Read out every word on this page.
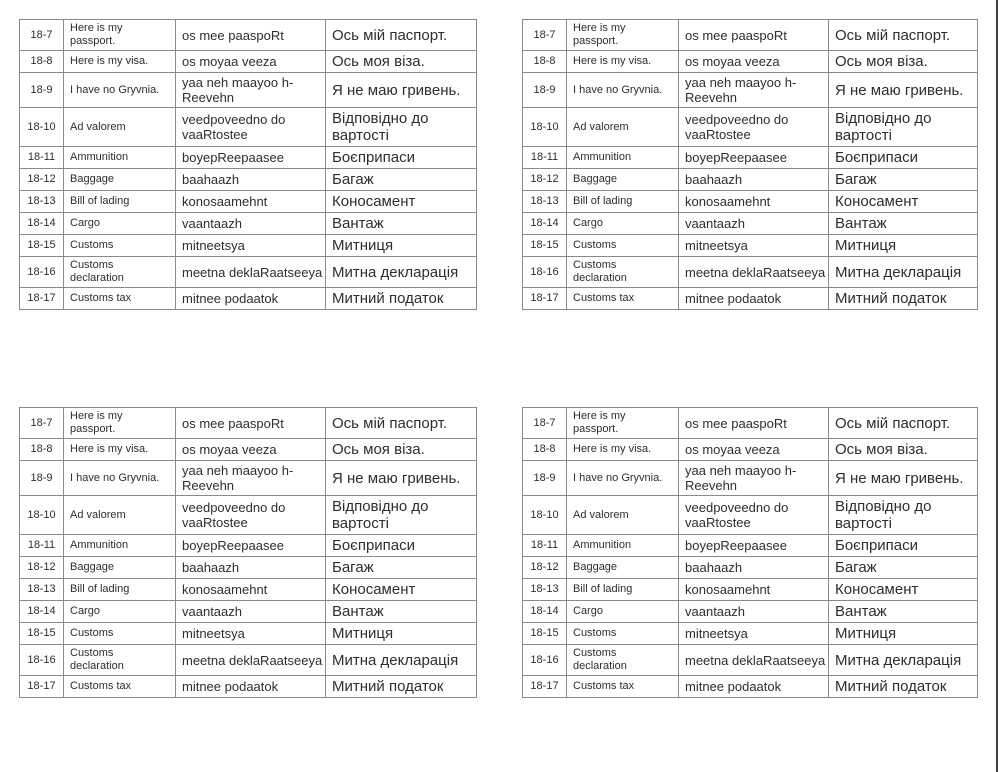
18-7	Here is my passport.	os mee paaspoRt	Ось мій паспорт.
18-8	Here is my visa.	os moyaa veeza	Ось моя віза.
18-9	I have no Gryvnia.	yaa neh maayoo h-Reevehn	Я не маю гривень.
18-10	Ad valorem	veedpoveedno do vaaRtostee	Відповідно до вартості
18-11	Ammunition	boyepReepaasee	Боєприпаси
18-12	Baggage	baahaazh	Багаж
18-13	Bill of lading	konosaamehnt	Коносамент
18-14	Cargo	vaantaazh	Вантаж
18-15	Customs	mitneetsya	Митниця
18-16	Customs declaration	meetna deklaRaatseeya	Митна декларація
18-17	Customs tax	mitnee podaatok	Митний податок
18-7	Here is my passport.	os mee paaspoRt	Ось мій паспорт.
18-8	Here is my visa.	os moyaa veeza	Ось моя віза.
18-9	I have no Gryvnia.	yaa neh maayoo h-Reevehn	Я не маю гривень.
18-10	Ad valorem	veedpoveedno do vaaRtostee	Відповідно до вартості
18-11	Ammunition	boyepReepaasee	Боєприпаси
18-12	Baggage	baahaazh	Багаж
18-13	Bill of lading	konosaamehnt	Коносамент
18-14	Cargo	vaantaazh	Вантаж
18-15	Customs	mitneetsya	Митниця
18-16	Customs declaration	meetna deklaRaatseeya	Митна декларація
18-17	Customs tax	mitnee podaatok	Митний податок
18-7	Here is my passport.	os mee paaspoRt	Ось мій паспорт.
18-8	Here is my visa.	os moyaa veeza	Ось моя віза.
18-9	I have no Gryvnia.	yaa neh maayoo h-Reevehn	Я не маю гривень.
18-10	Ad valorem	veedpoveedno do vaaRtostee	Відповідно до вартості
18-11	Ammunition	boyepReepaasee	Боєприпаси
18-12	Baggage	baahaazh	Багаж
18-13	Bill of lading	konosaamehnt	Коносамент
18-14	Cargo	vaantaazh	Вантаж
18-15	Customs	mitneetsya	Митниця
18-16	Customs declaration	meetna deklaRaatseeya	Митна декларація
18-17	Customs tax	mitnee podaatok	Митний податок
18-7	Here is my passport.	os mee paaspoRt	Ось мій паспорт.
18-8	Here is my visa.	os moyaa veeza	Ось моя віза.
18-9	I have no Gryvnia.	yaa neh maayoo h-Reevehn	Я не маю гривень.
18-10	Ad valorem	veedpoveedno do vaaRtostee	Відповідно до вартості
18-11	Ammunition	boyepReepaasee	Боєприпаси
18-12	Baggage	baahaazh	Багаж
18-13	Bill of lading	konosaamehnt	Коносамент
18-14	Cargo	vaantaazh	Вантаж
18-15	Customs	mitneetsya	Митниця
18-16	Customs declaration	meetna deklaRaatseeya	Митна декларація
18-17	Customs tax	mitnee podaatok	Митний податок
